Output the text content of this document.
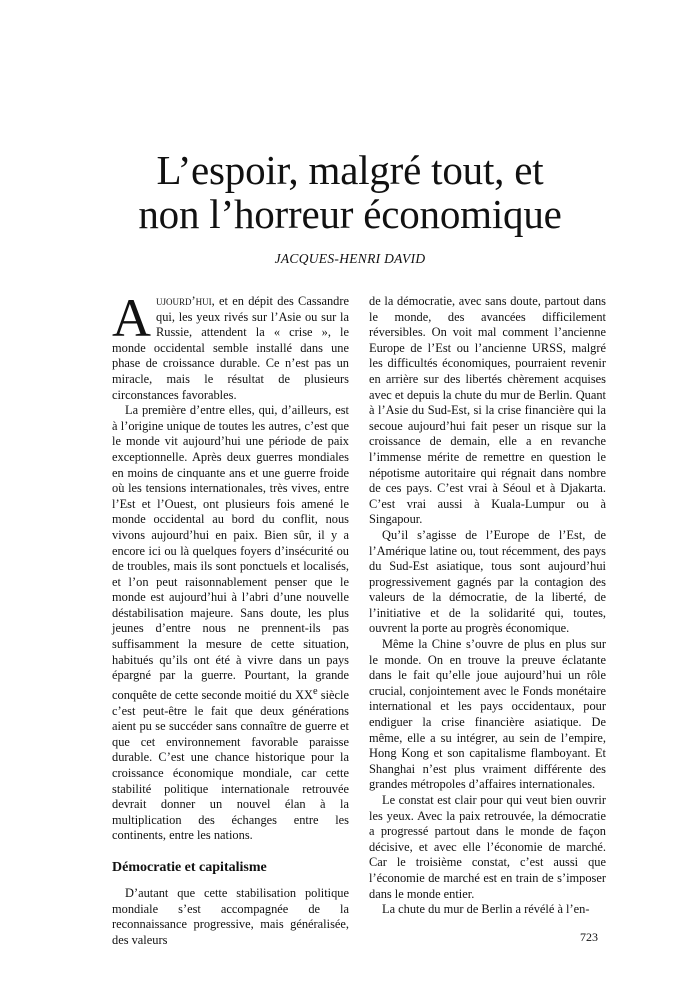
L’espoir, malgré tout, et
non l’horreur économique
JACQUES-HENRI DAVID

Aujourd’hui, et en dépit des Cassandre qui, les yeux rivés sur l’Asie ou sur la Russie, attendent la « crise », le monde occidental semble installé dans une phase de croissance durable. Ce n’est pas un miracle, mais le résultat de plusieurs circonstances favorables.

La première d’entre elles, qui, d’ailleurs, est à l’origine unique de toutes les autres, c’est que le monde vit aujourd’hui une période de paix exceptionnelle. Après deux guerres mondiales en moins de cinquante ans et une guerre froide où les tensions internationales, très vives, entre l’Est et l’Ouest, ont plusieurs fois amené le monde occidental au bord du conflit, nous vivons aujourd’hui en paix. Bien sûr, il y a encore ici ou là quelques foyers d’insécurité ou de troubles, mais ils sont ponctuels et localisés, et l’on peut raisonnablement penser que le monde est aujourd’hui à l’abri d’une nouvelle déstabilisation majeure. Sans doute, les plus jeunes d’entre nous ne prennent-ils pas suffisamment la mesure de cette situation, habitués qu’ils ont été à vivre dans un pays épargné par la guerre. Pourtant, la grande conquête de cette seconde moitié du XXe siècle c’est peut-être le fait que deux générations aient pu se succéder sans connaître de guerre et que cet environnement favorable paraisse durable. C’est une chance historique pour la croissance économique mondiale, car cette stabilité politique internationale retrouvée devrait donner un nouvel élan à la multiplication des échanges entre les continents, entre les nations.

Démocratie et capitalisme

D’autant que cette stabilisation politique mondiale s’est accompagnée de la reconnaissance progressive, mais généralisée, des valeurs

de la démocratie, avec sans doute, partout dans le monde, des avancées difficilement réversibles. On voit mal comment l’ancienne Europe de l’Est ou l’ancienne URSS, malgré les difficultés économiques, pourraient revenir en arrière sur des libertés chèrement acquises avec et depuis la chute du mur de Berlin. Quant à l’Asie du Sud-Est, si la crise financière qui la secoue aujourd’hui fait peser un risque sur la croissance de demain, elle a en revanche l’immense mérite de remettre en question le népotisme autoritaire qui régnait dans nombre de ces pays. C’est vrai à Séoul et à Djakarta. C’est vrai aussi à Kuala-Lumpur ou à Singapour.

Qu’il s’agisse de l’Europe de l’Est, de l’Amérique latine ou, tout récemment, des pays du Sud-Est asiatique, tous sont aujourd’hui progressivement gagnés par la contagion des valeurs de la démocratie, de la liberté, de l’initiative et de la solidarité qui, toutes, ouvrent la porte au progrès économique.

Même la Chine s’ouvre de plus en plus sur le monde. On en trouve la preuve éclatante dans le fait qu’elle joue aujourd’hui un rôle crucial, conjointement avec le Fonds monétaire international et les pays occidentaux, pour endiguer la crise financière asiatique. De même, elle a su intégrer, au sein de l’empire, Hong Kong et son capitalisme flamboyant. Et Shanghai n’est plus vraiment différente des grandes métropoles d’affaires internationales.

Le constat est clair pour qui veut bien ouvrir les yeux. Avec la paix retrouvée, la démocratie a progressé partout dans le monde de façon décisive, et avec elle l’économie de marché. Car le troisième constat, c’est aussi que l’économie de marché est en train de s’imposer dans le monde entier.

La chute du mur de Berlin a révélé à l’en-

723
